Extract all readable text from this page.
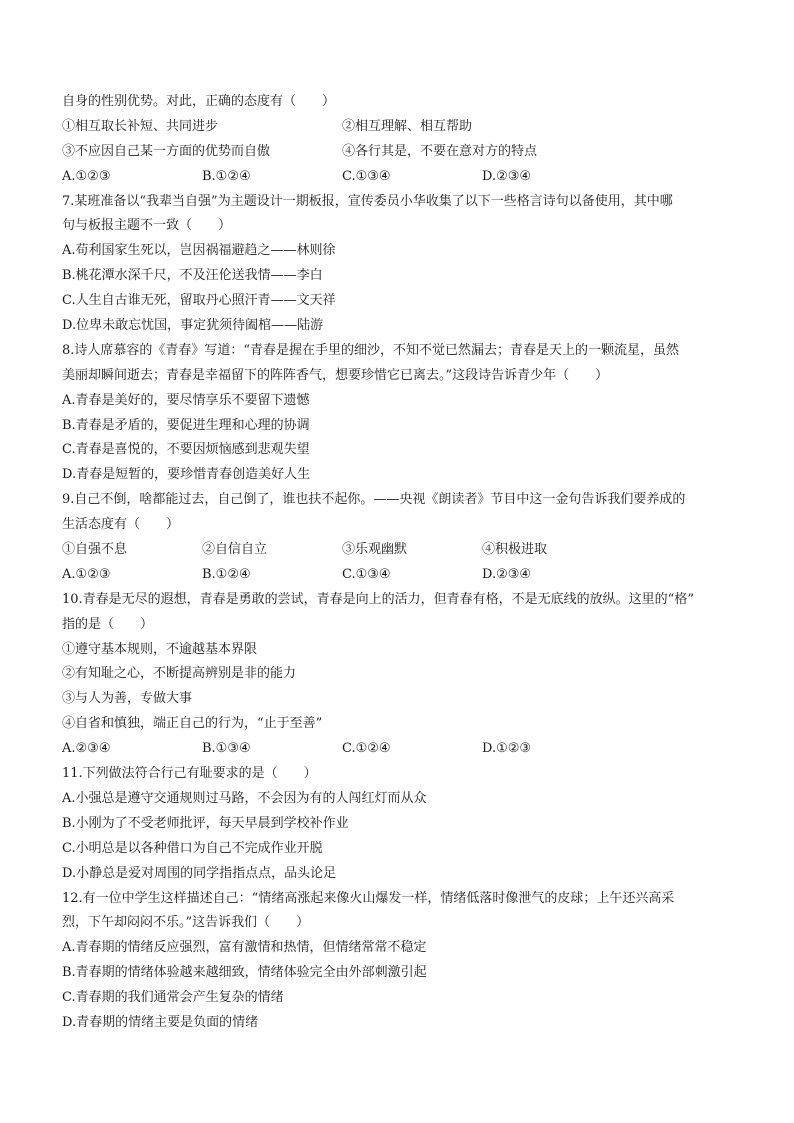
自身的性别优势。对此，正确的态度有（　　）
①相互取长补短、共同进步	②相互理解、相互帮助
③不应因自己某一方面的优势而自傲	④各行其是，不要在意对方的特点
A.①②③	B.①②④	C.①③④	D.②③④
7.某班准备以“我辈当自强”为主题设计一期板报，宣传委员小华收集了以下一些格言诗句以备使用，其中哪
句与板报主题不一致（　　）
A.苟利国家生死以，岂因祸福避趋之——林则徐
B.桃花潭水深千尺，不及汪伦送我情——李白
C.人生自古谁无死，留取丹心照汗青——文天祥
D.位卑未敢忘忧国，事定犹须待阖棺——陆游
8.诗人席慕容的《青春》写道：“青春是握在手里的细沙，不知不觉已然漏去；青春是天上的一颗流星，虽然
美丽却瞬间逝去；青春是幸福留下的阵阵香气，想要珍惜它已离去。”这段诗告诉青少年（　　）
A.青春是美好的，要尽情享乐不要留下遗憾
B.青春是矛盾的，要促进生理和心理的协调
C.青春是喜悦的，不要因烦恼感到悲观失望
D.青春是短暂的，要珍惜青春创造美好人生
9.自己不倒，啥都能过去，自己倒了，谁也扶不起你。——央视《朗读者》节目中这一金句告诉我们要养成的
生活态度有（　　）
①自强不息	②自信自立	③乐观幽默	④积极进取
A.①②③	B.①②④	C.①③④	D.②③④
10.青春是无尽的遐想，青春是勇敢的尝试，青春是向上的活力，但青春有格，不是无底线的放纵。这里的“格”
指的是（　　）
①遵守基本规则，不逾越基本界限
②有知耻之心，不断提高辨别是非的能力
③与人为善，专做大事
④自省和慎独，端正自己的行为，“止于至善”
A.②③④	B.①③④	C.①②④	D.①②③
11.下列做法符合行己有耻要求的是（　　）
A.小强总是遵守交通规则过马路，不会因为有的人闯红灯而从众
B.小刚为了不受老师批评，每天早晨到学校补作业
C.小明总是以各种借口为自己不完成作业开脱
D.小静总是爱对周围的同学指指点点，品头论足
12.有一位中学生这样描述自己：“情绪高涨起来像火山爆发一样，情绪低落时像泄气的皮球；上午还兴高采
烈，下午却闷闷不乐。”这告诉我们（　　）
A.青春期的情绪反应强烈，富有激情和热情，但情绪常常不稳定
B.青春期的情绪体验越来越细致，情绪体验完全由外部刺激引起
C.青春期的我们通常会产生复杂的情绪
D.青春期的情绪主要是负面的情绪
